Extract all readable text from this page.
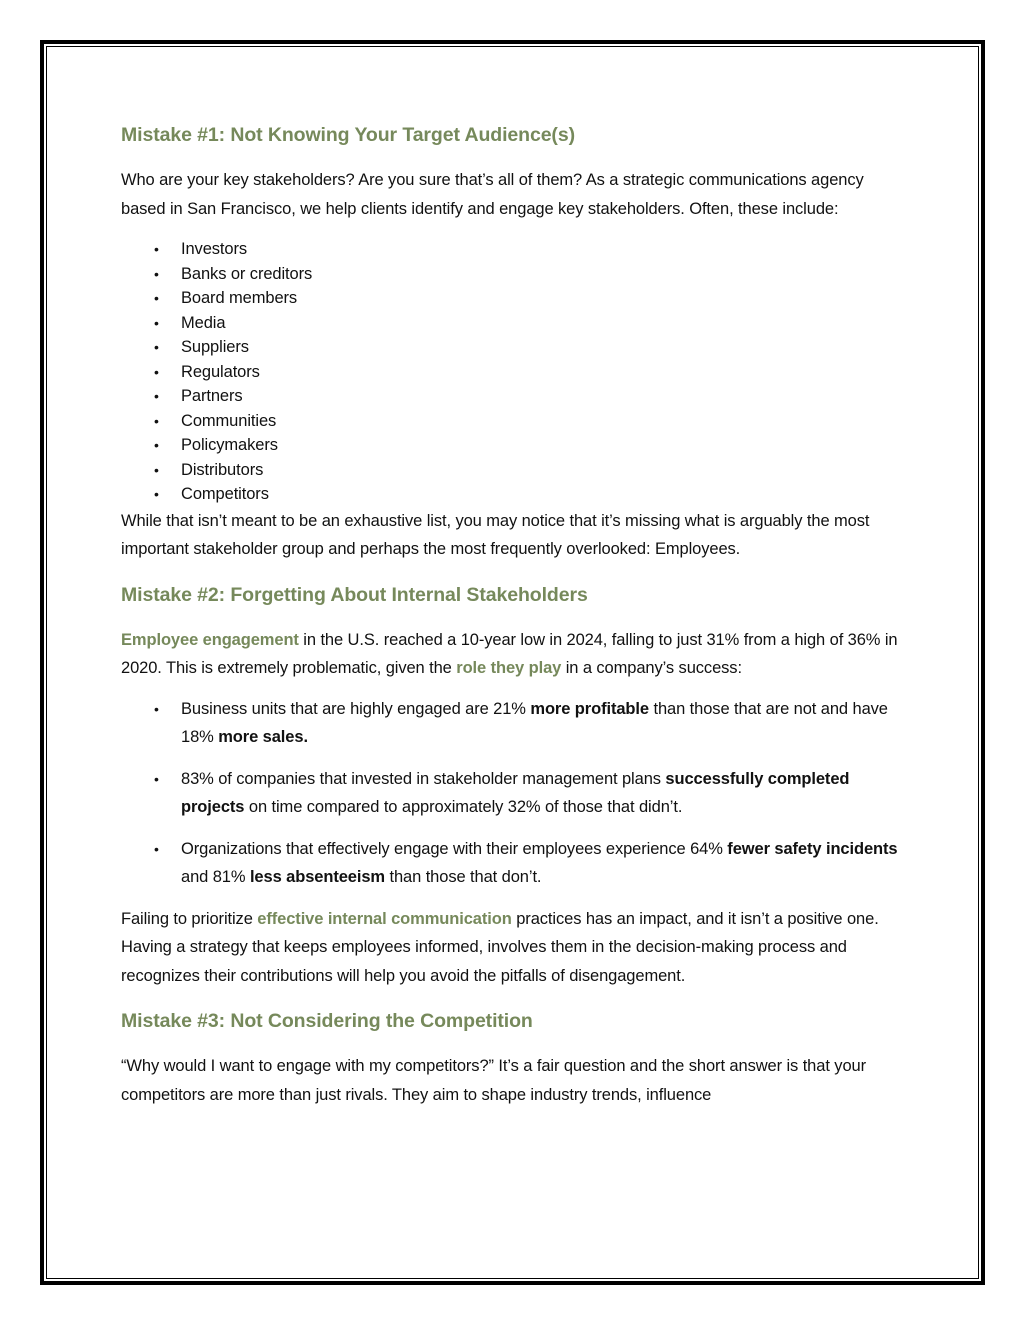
Mistake #1: Not Knowing Your Target Audience(s)

Who are your key stakeholders? Are you sure that’s all of them? As a strategic communications agency based in San Francisco, we help clients identify and engage key stakeholders. Often, these include:

• Investors
• Banks or creditors
• Board members
• Media
• Suppliers
• Regulators
• Partners
• Communities
• Policymakers
• Distributors
• Competitors

While that isn’t meant to be an exhaustive list, you may notice that it’s missing what is arguably the most important stakeholder group and perhaps the most frequently overlooked: Employees.

Mistake #2: Forgetting About Internal Stakeholders

Employee engagement in the U.S. reached a 10-year low in 2024, falling to just 31% from a high of 36% in 2020. This is extremely problematic, given the role they play in a company’s success:

• Business units that are highly engaged are 21% more profitable than those that are not and have 18% more sales.
• 83% of companies that invested in stakeholder management plans successfully completed projects on time compared to approximately 32% of those that didn’t.
• Organizations that effectively engage with their employees experience 64% fewer safety incidents and 81% less absenteeism than those that don’t.

Failing to prioritize effective internal communication practices has an impact, and it isn’t a positive one. Having a strategy that keeps employees informed, involves them in the decision-making process and recognizes their contributions will help you avoid the pitfalls of disengagement.

Mistake #3: Not Considering the Competition

“Why would I want to engage with my competitors?” It’s a fair question and the short answer is that your competitors are more than just rivals. They aim to shape industry trends, influence
